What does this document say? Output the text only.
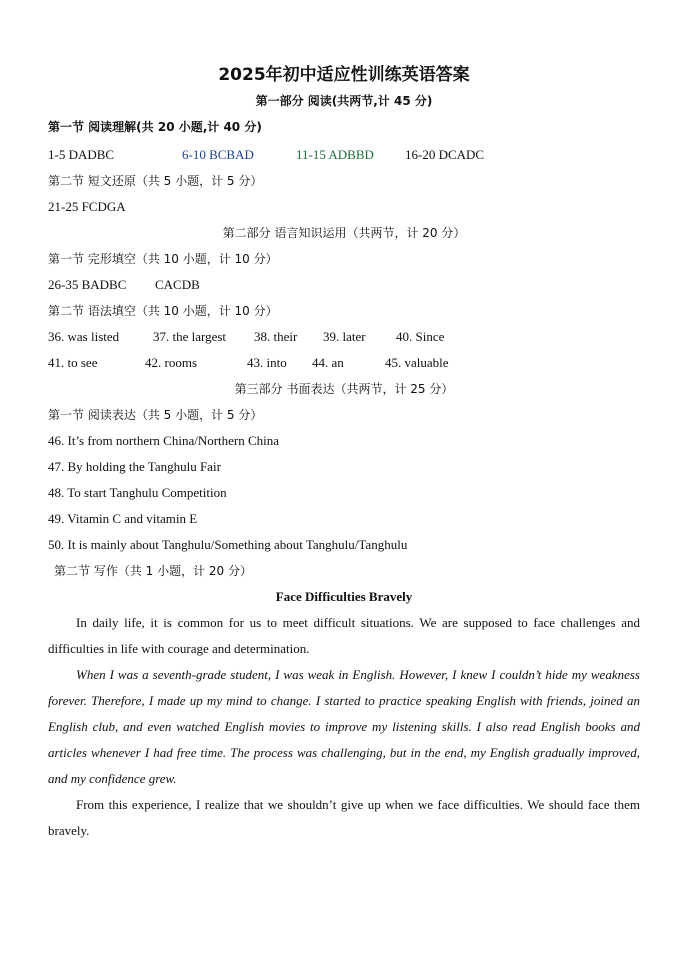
2025年初中适应性训练英语答案
第一部分 阅读(共两节,计 45 分)
第一节 阅读理解(共 20 小题,计 40 分)
1-5 DADBC	6-10 BCBAD	11-15 ADBBD 16-20 DCADC
第二节 短文还原（共 5 小题，计 5 分）
21-25 FCDGA
第二部分 语言知识运用（共两节，计 20 分）
第一节 完形填空（共 10 小题，计 10 分）
26-35 BADBC CACDB
第二节 语法填空（共 10 小题，计 10 分）
36. was listed	37. the largest 38. their 39. later 40. Since
41. to see	42. rooms	43. into 44. an	45. valuable
第三部分 书面表达（共两节，计 25 分）
第一节 阅读表达（共 5 小题，计 5 分）
46. It’s from northern China/Northern China
47. By holding the Tanghulu Fair
48. To start Tanghulu Competition
49. Vitamin C and vitamin E
50. It is mainly about Tanghulu/Something about Tanghulu/Tanghulu
第二节 写作（共 1 小题，计 20 分）
Face Difficulties Bravely
In daily life, it is common for us to meet difficult situations. We are supposed to face challenges and difficulties in life with courage and determination.
When I was a seventh-grade student, I was weak in English. However, I knew I couldn’t hide my weakness forever. Therefore, I made up my mind to change. I started to practice speaking English with friends, joined an English club, and even watched English movies to improve my listening skills. I also read English books and articles whenever I had free time. The process was challenging, but in the end, my English gradually improved, and my confidence grew.
From this experience, I realize that we shouldn’t give up when we face difficulties. We should face them bravely.
